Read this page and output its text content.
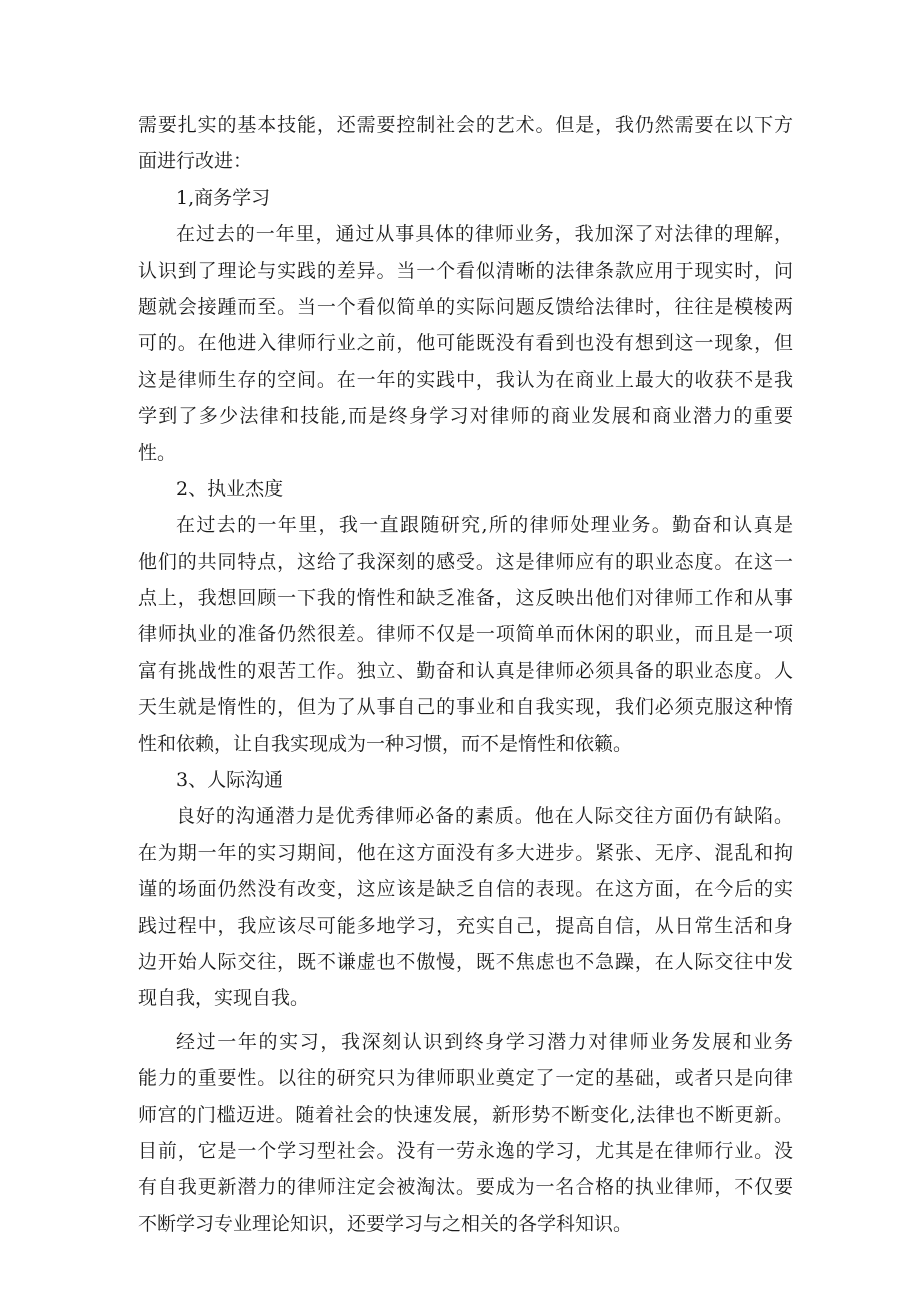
需要扎实的基本技能，还需要控制社会的艺术。但是，我仍然需要在以下方
面进行改进：
1,商务学习
在过去的一年里，通过从事具体的律师业务，我加深了对法律的理解，
认识到了理论与实践的差异。当一个看似清晰的法律条款应用于现实时，问
题就会接踵而至。当一个看似简单的实际问题反馈给法律时，往往是模棱两
可的。在他进入律师行业之前，他可能既没有看到也没有想到这一现象，但
这是律师生存的空间。在一年的实践中，我认为在商业上最大的收获不是我
学到了多少法律和技能,而是终身学习对律师的商业发展和商业潜力的重要
性。
2、执业杰度
在过去的一年里，我一直跟随研究,所的律师处理业务。勤奋和认真是
他们的共同特点，这给了我深刻的感受。这是律师应有的职业态度。在这一
点上，我想回顾一下我的惰性和缺乏准备，这反映出他们对律师工作和从事
律师执业的准备仍然很差。律师不仅是一项简单而休闲的职业，而且是一项
富有挑战性的艰苦工作。独立、勤奋和认真是律师必须具备的职业态度。人
天生就是惰性的，但为了从事自己的事业和自我实现，我们必须克服这种惰
性和依赖，让自我实现成为一种习惯，而不是惰性和依籁。
3、人际沟通
良好的沟通潜力是优秀律师必备的素质。他在人际交往方面仍有缺陷。
在为期一年的实习期间，他在这方面没有多大进步。紧张、无序、混乱和拘
谨的场面仍然没有改变，这应该是缺乏自信的表现。在这方面，在今后的实
践过程中，我应该尽可能多地学习，充实自己，提高自信，从日常生活和身
边开始人际交往，既不谦虚也不傲慢，既不焦虑也不急躁，在人际交往中发
现自我，实现自我。
经过一年的实习，我深刻认识到终身学习潜力对律师业务发展和业务
能力的重要性。以往的研究只为律师职业奠定了一定的基础，或者只是向律
师宫的门槛迈进。随着社会的快速发展，新形势不断变化,法律也不断更新。
目前，它是一个学习型社会。没有一劳永逸的学习，尤其是在律师行业。没
有自我更新潜力的律师注定会被淘汰。要成为一名合格的执业律师，不仅要
不断学习专业理论知识，还要学习与之相关的各学科知识。
